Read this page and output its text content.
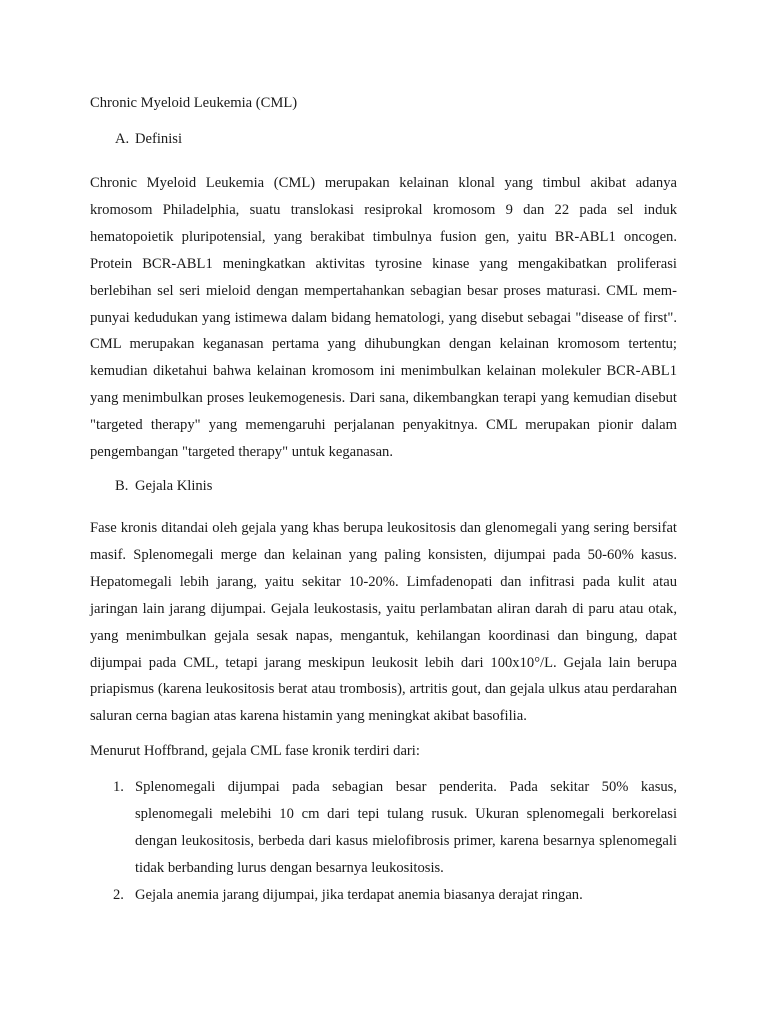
Chronic Myeloid Leukemia (CML)
A. Definisi

Chronic Myeloid Leukemia (CML) merupakan kelainan klonal yang timbul akibat adanya kromosom Philadelphia, suatu translokasi resiprokal kromosom 9 dan 22 pada sel induk hematopoietik pluripotensial, yang berakibat timbulnya fusion gen, yaitu BR-ABL1 oncogen. Protein BCR-ABL1 meningkatkan aktivitas tyrosine kinase yang mengakibatkan proliferasi berlebihan sel seri mieloid dengan mempertahankan sebagian besar proses maturasi. CML mempunyai kedudukan yang istimewa dalam bidang hematologi, yang disebut sebagai "disease of first". CML merupakan keganasan pertama yang dihubungkan dengan kelainan kromosom tertentu; kemudian diketahui bahwa kelainan kromosom ini menimbulkan kelainan molekuler BCR-ABL1 yang menimbulkan proses leukemogenesis. Dari sana, dikembangkan terapi yang kemudian disebut "targeted therapy" yang memengaruhi perjalanan penyakitnya. CML merupakan pionir dalam pengembangan "targeted therapy" untuk keganasan.

B. Gejala Klinis

Fase kronis ditandai oleh gejala yang khas berupa leukositosis dan glenomegali yang sering bersifat masif. Splenomegali merge dan kelainan yang paling konsisten, dijumpai pada 50-60% kasus. Hepatomegali lebih jarang, yaitu sekitar 10-20%. Limfadenopati dan infitrasi pada kulit atau jaringan lain jarang dijumpai. Gejala leukostasis, yaitu perlambatan aliran darah di paru atau otak, yang menimbulkan gejala sesak napas, mengantuk, kehilangan koordinasi dan bingung, dapat dijumpai pada CML, tetapi jarang meskipun leukosit lebih dari 100x10°/L. Gejala lain berupa priapismus (karena leukositosis berat atau trombosis), artritis gout, dan gejala ulkus atau perdarahan saluran cerna bagian atas karena histamin yang meningkat akibat basofilia.

Menurut Hoffbrand, gejala CML fase kronik terdiri dari:

1. Splenomegali dijumpai pada sebagian besar penderita. Pada sekitar 50% kasus, splenomegali melebihi 10 cm dari tepi tulang rusuk. Ukuran splenomegali berkorelasi dengan leukositosis, berbeda dari kasus mielofibrosis primer, karena besarnya splenomegali tidak berbanding lurus dengan besarnya leukositosis.
2. Gejala anemia jarang dijumpai, jika terdapat anemia biasanya derajat ringan.
